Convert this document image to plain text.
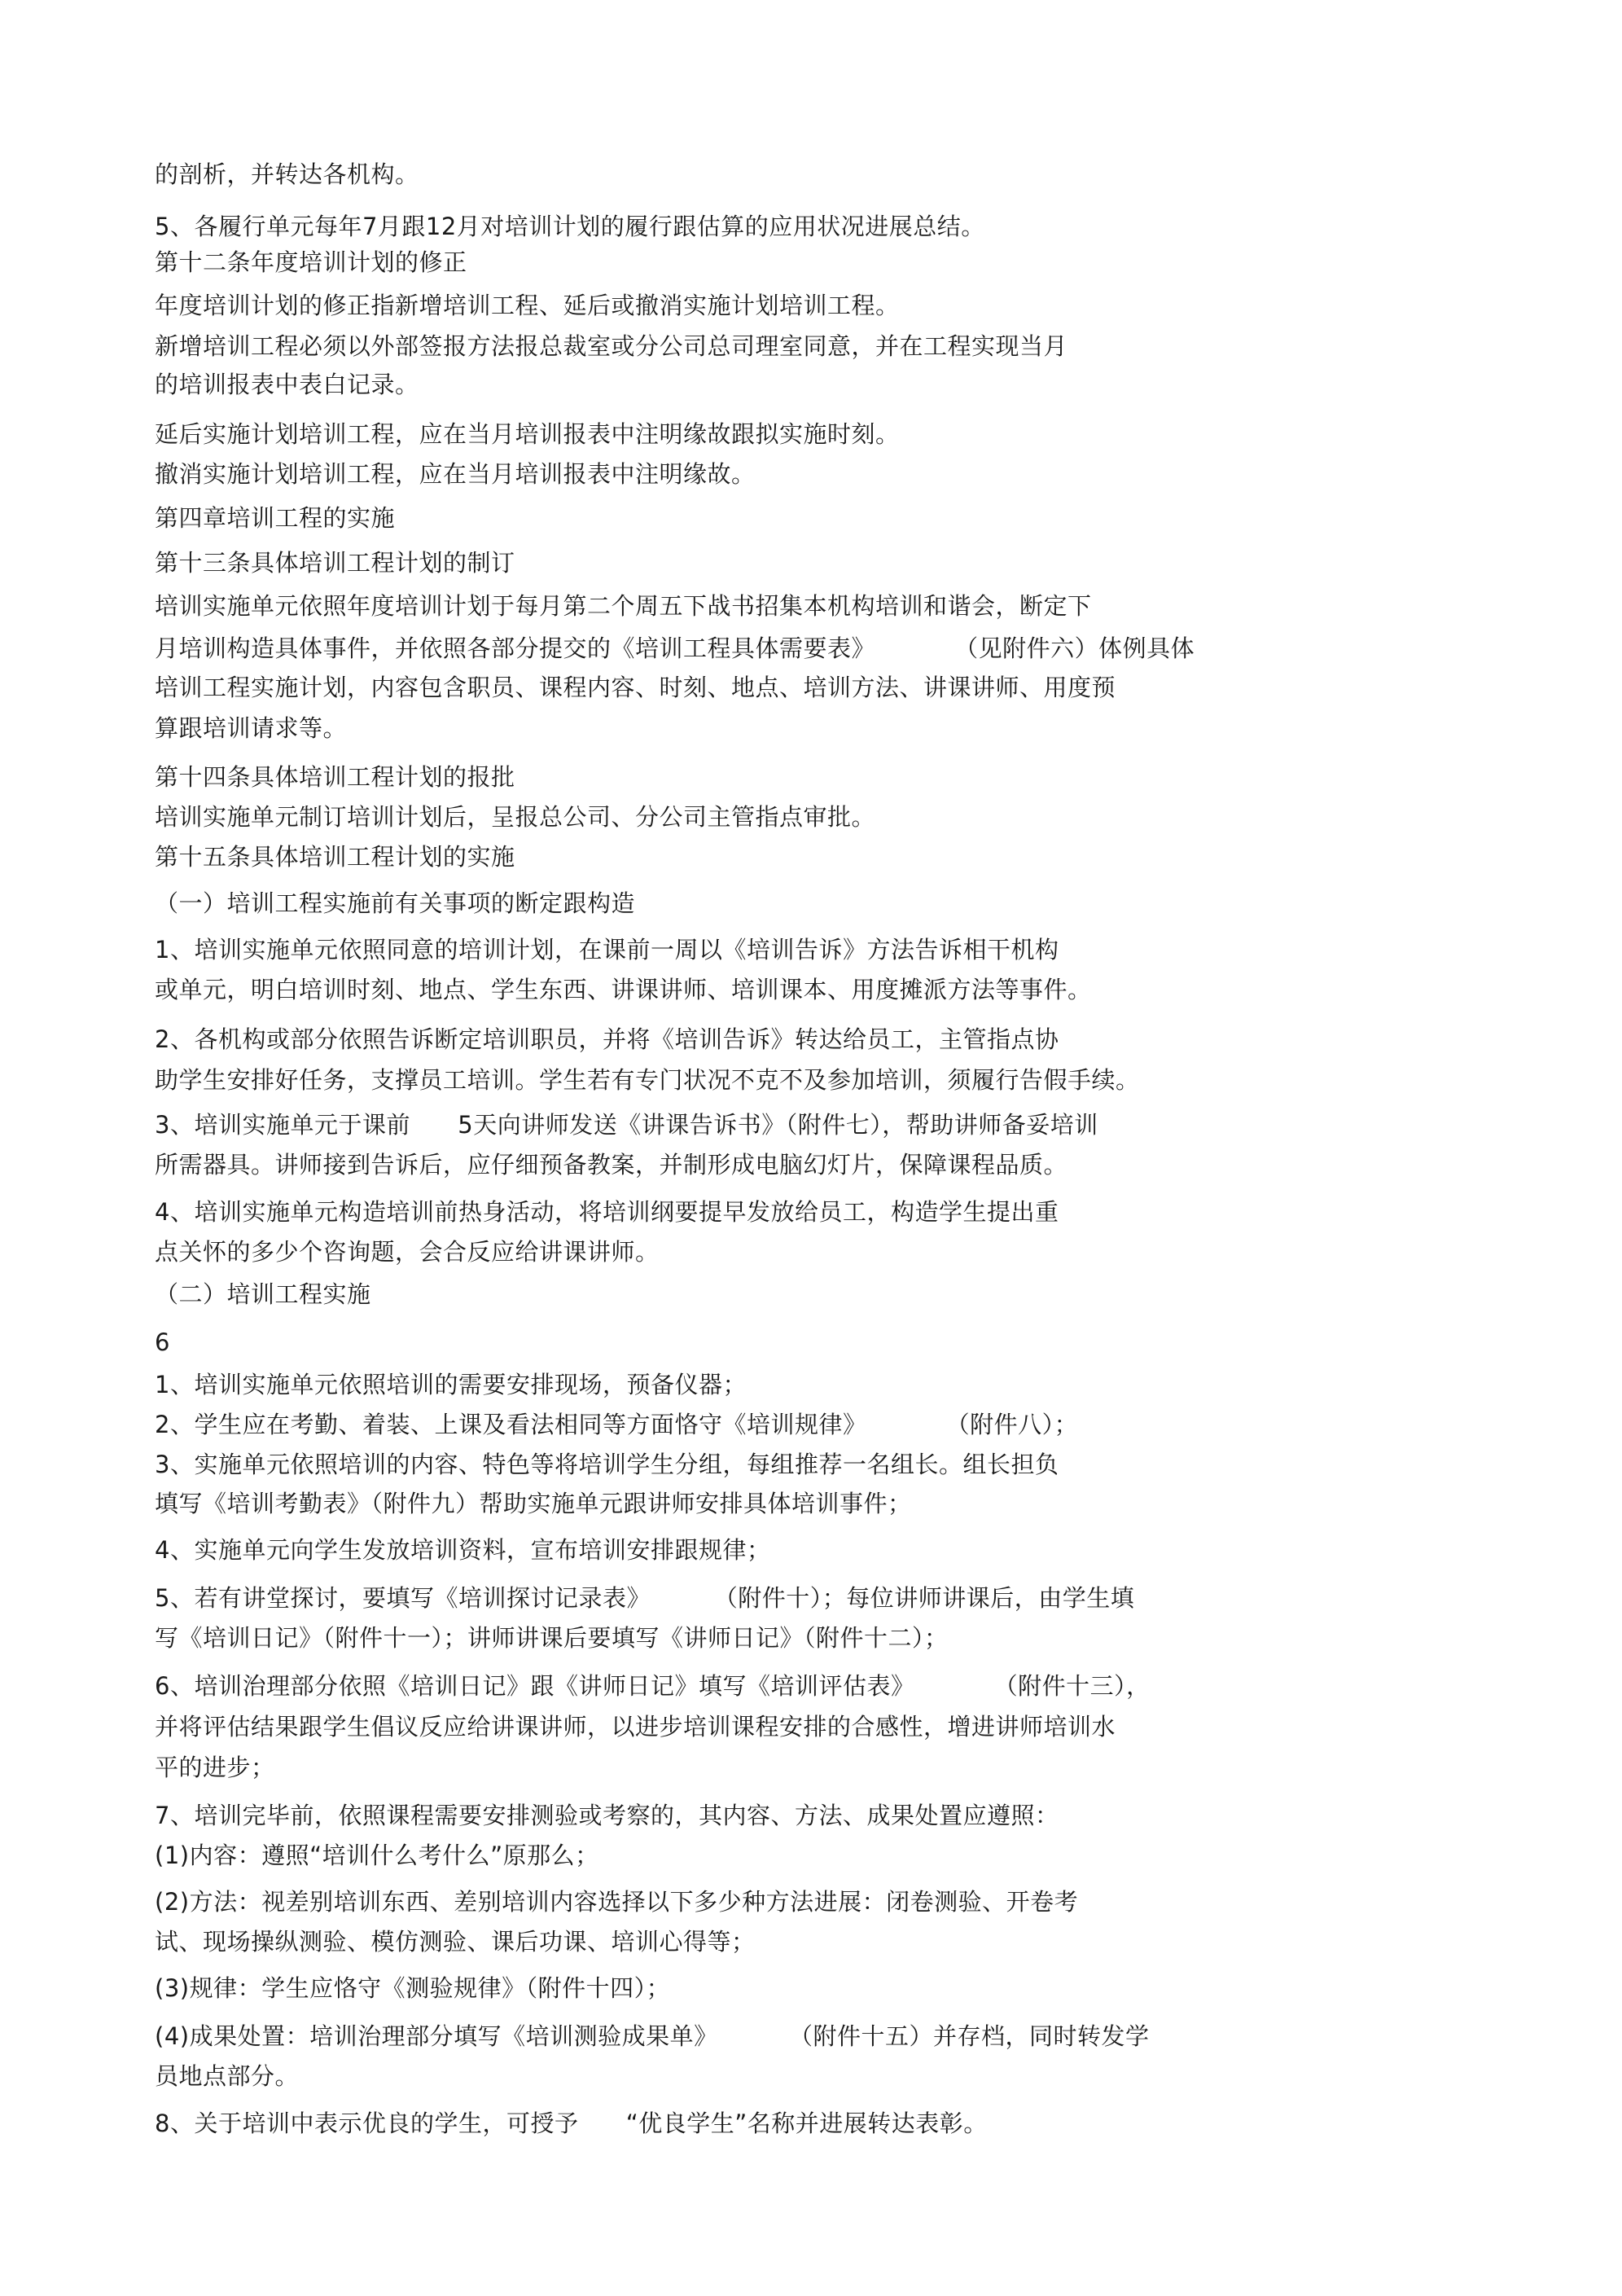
的剖析，并转达各机构。
5、各履行单元每年7月跟12月对培训计划的履行跟估算的应用状况进展总结。
第十二条年度培训计划的修正
年度培训计划的修正指新增培训工程、延后或撤消实施计划培训工程。
新增培训工程必须以外部签报方法报总裁室或分公司总司理室同意，并在工程实现当月
的培训报表中表白记录。
延后实施计划培训工程，应在当月培训报表中注明缘故跟拟实施时刻。
撤消实施计划培训工程，应在当月培训报表中注明缘故。
第四章培训工程的实施
第十三条具体培训工程计划的制订
培训实施单元依照年度培训计划于每月第二个周五下战书招集本机构培训和谐会，断定下
月培训构造具体事件，并依照各部分提交的《培训工程具体需要表》          （见附件六）体例具体
培训工程实施计划，内容包含职员、课程内容、时刻、地点、培训方法、讲课讲师、用度预
算跟培训请求等。
第十四条具体培训工程计划的报批
培训实施单元制订培训计划后，呈报总公司、分公司主管指点审批。
第十五条具体培训工程计划的实施
（一）培训工程实施前有关事项的断定跟构造
1、培训实施单元依照同意的培训计划，在课前一周以《培训告诉》方法告诉相干机构
或单元，明白培训时刻、地点、学生东西、讲课讲师、培训课本、用度摊派方法等事件。
2、各机构或部分依照告诉断定培训职员，并将《培训告诉》转达给员工，主管指点协
助学生安排好任务，支撑员工培训。学生若有专门状况不克不及参加培训，须履行告假手续。
3、培训实施单元于课前      5天向讲师发送《讲课告诉书》（附件七），帮助讲师备妥培训
所需器具。讲师接到告诉后，应仔细预备教案，并制形成电脑幻灯片，保障课程品质。
4、培训实施单元构造培训前热身活动，将培训纲要提早发放给员工，构造学生提出重
点关怀的多少个咨询题，会合反应给讲课讲师。
（二）培训工程实施
6
1、培训实施单元依照培训的需要安排现场，预备仪器；
2、学生应在考勤、着装、上课及看法相同等方面恪守《培训规律》          （附件八）；
3、实施单元依照培训的内容、特色等将培训学生分组，每组推荐一名组长。组长担负
填写《培训考勤表》（附件九）帮助实施单元跟讲师安排具体培训事件；
4、实施单元向学生发放培训资料，宣布培训安排跟规律；
5、若有讲堂探讨，要填写《培训探讨记录表》        （附件十）；每位讲师讲课后，由学生填
写《培训日记》（附件十一）；讲师讲课后要填写《讲师日记》（附件十二）；
6、培训治理部分依照《培训日记》跟《讲师日记》填写《培训评估表》          （附件十三），
并将评估结果跟学生倡议反应给讲课讲师，以进步培训课程安排的合感性，增进讲师培训水
平的进步；
7、培训完毕前，依照课程需要安排测验或考察的，其内容、方法、成果处置应遵照：
(1)内容：遵照“培训什么考什么”原那么；
(2)方法：视差别培训东西、差别培训内容选择以下多少种方法进展：闭卷测验、开卷考
试、现场操纵测验、模仿测验、课后功课、培训心得等；
(3)规律：学生应恪守《测验规律》（附件十四）；
(4)成果处置：培训治理部分填写《培训测验成果单》         （附件十五）并存档，同时转发学
员地点部分。
8、关于培训中表示优良的学生，可授予      “优良学生”名称并进展转达表彰。
